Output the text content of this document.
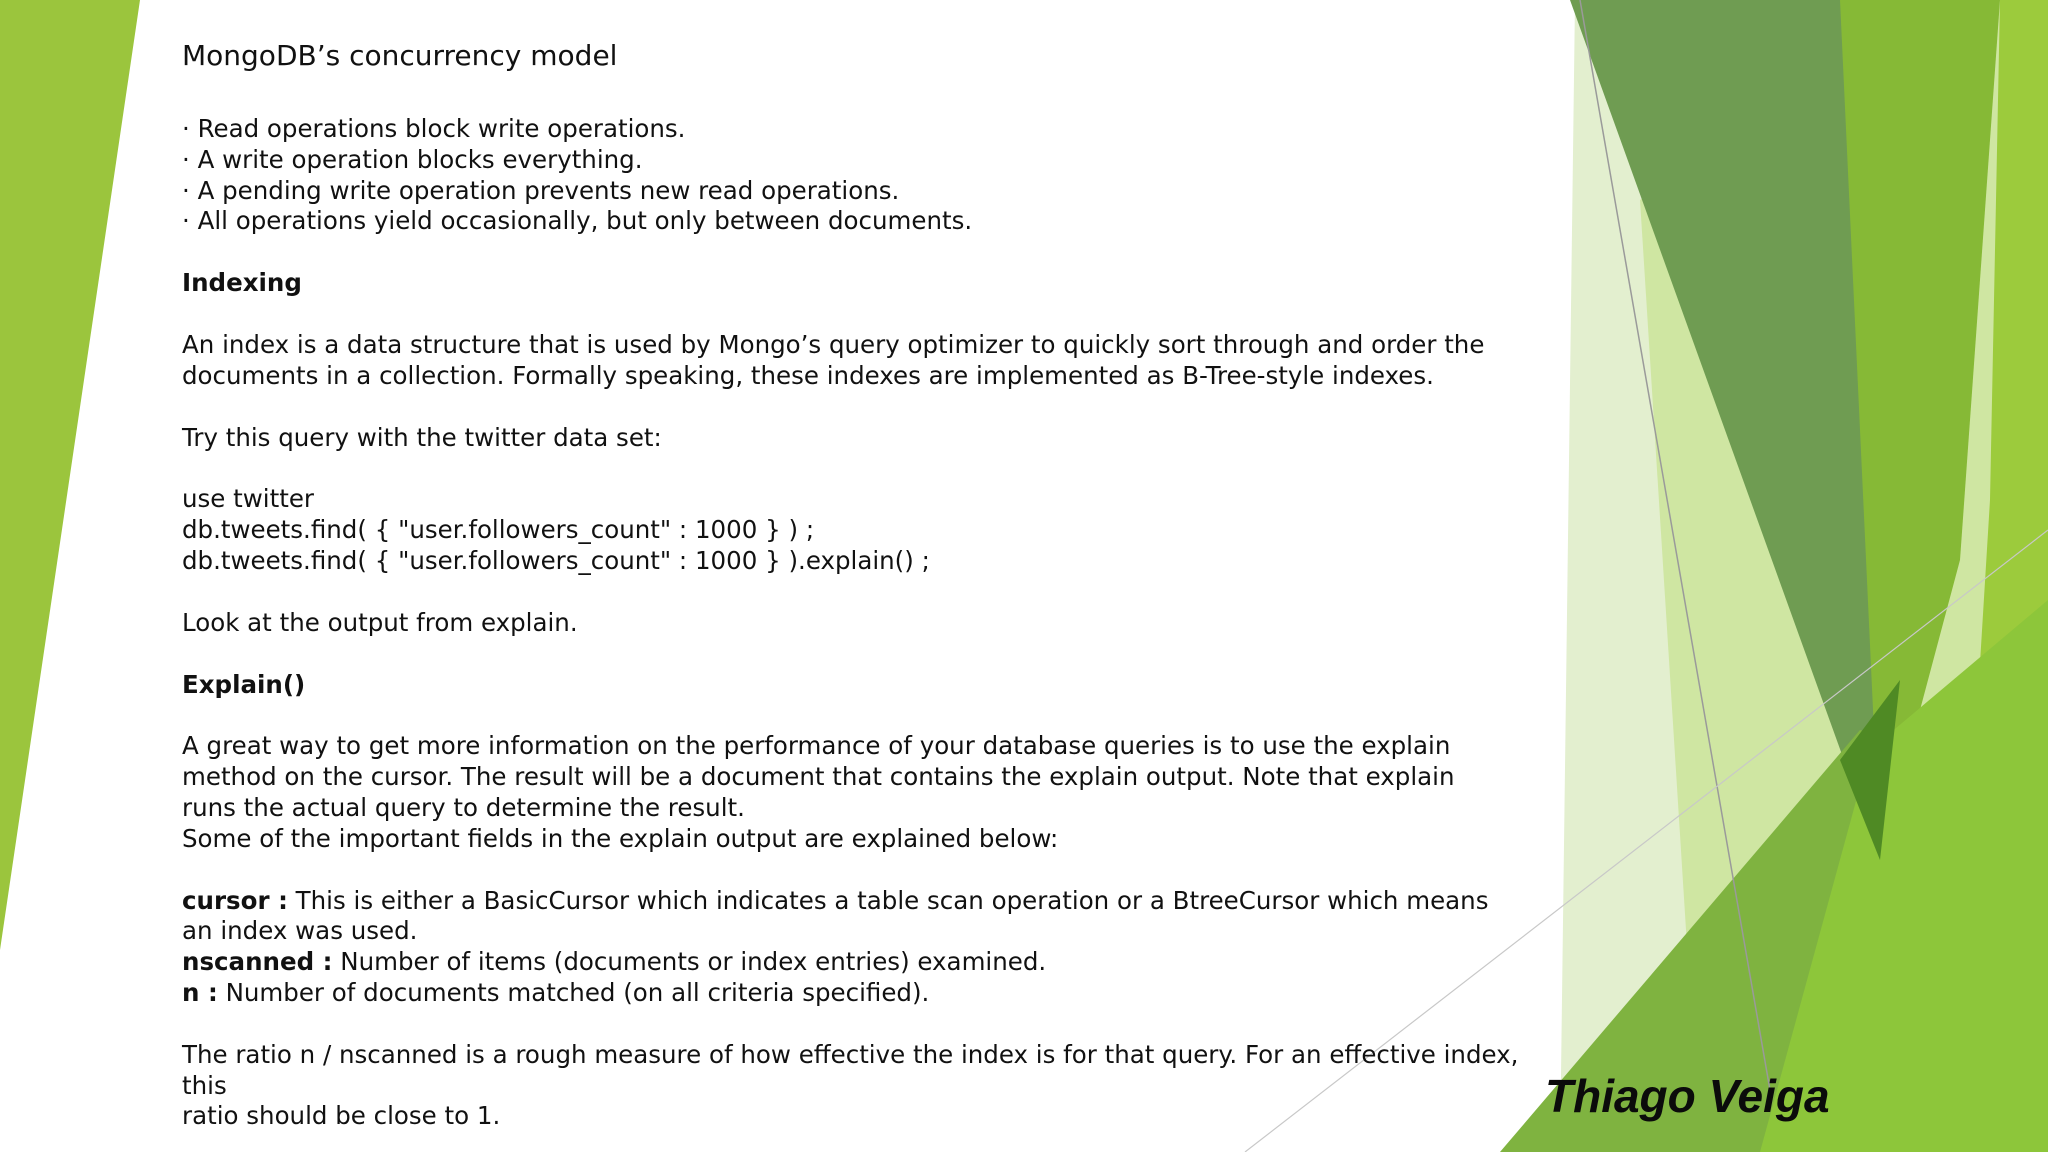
MongoDB’s concurrency model

· Read operations block write operations.

· A write operation blocks everything.

· A pending write operation prevents new read operations.

· All operations yield occasionally, but only between documents.

Indexing

An index is a data structure that is used by Mongo’s query optimizer to quickly sort through and order the

documents in a collection. Formally speaking, these indexes are implemented as B-Tree-style indexes.

Try this query with the twitter data set:

use twitter

db.tweets.find( { "user.followers_count" : 1000 } ) ;

db.tweets.find( { "user.followers_count" : 1000 } ).explain() ;

Look at the output from explain.

Explain()

A great way to get more information on the performance of your database queries is to use the explain

method on the cursor. The result will be a document that contains the explain output. Note that explain

runs the actual query to determine the result.

Some of the important fields in the explain output are explained below:

cursor : This is either a BasicCursor which indicates a table scan operation or a BtreeCursor which means

an index was used.

nscanned : Number of items (documents or index entries) examined.

n : Number of documents matched (on all criteria specified).

The ratio n / nscanned is a rough measure of how effective the index is for that query. For an effective index, this

ratio should be close to 1.	Thiago Veiga
